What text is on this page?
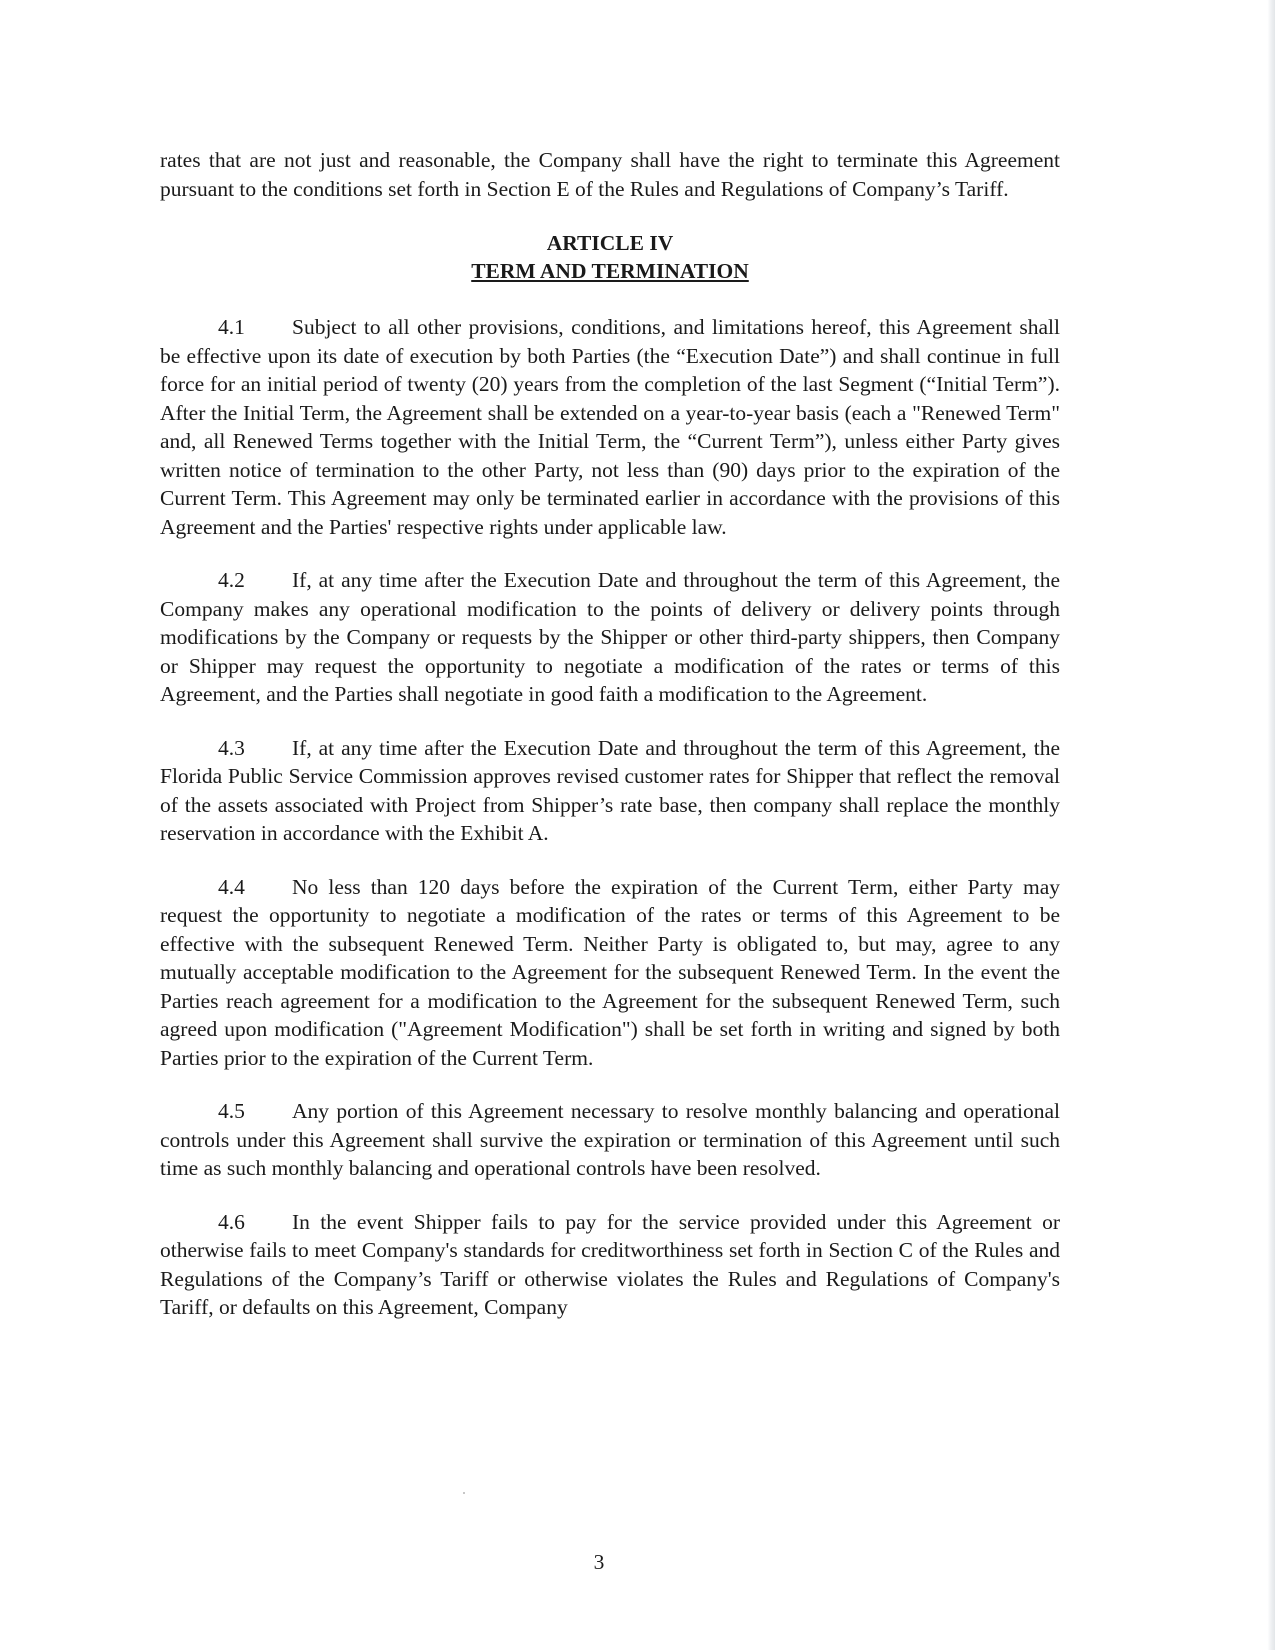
rates that are not just and reasonable, the Company shall have the right to terminate this Agreement pursuant to the conditions set forth in Section E of the Rules and Regulations of Company’s Tariff.

ARTICLE IV
TERM AND TERMINATION

4.1 Subject to all other provisions, conditions, and limitations hereof, this Agreement shall be effective upon its date of execution by both Parties (the “Execution Date”) and shall continue in full force for an initial period of twenty (20) years from the completion of the last Segment (“Initial Term”). After the Initial Term, the Agreement shall be extended on a year-to-year basis (each a "Renewed Term" and, all Renewed Terms together with the Initial Term, the “Current Term”), unless either Party gives written notice of termination to the other Party, not less than (90) days prior to the expiration of the Current Term. This Agreement may only be terminated earlier in accordance with the provisions of this Agreement and the Parties' respective rights under applicable law.

4.2 If, at any time after the Execution Date and throughout the term of this Agreement, the Company makes any operational modification to the points of delivery or delivery points through modifications by the Company or requests by the Shipper or other third-party shippers, then Company or Shipper may request the opportunity to negotiate a modification of the rates or terms of this Agreement, and the Parties shall negotiate in good faith a modification to the Agreement.

4.3 If, at any time after the Execution Date and throughout the term of this Agreement, the Florida Public Service Commission approves revised customer rates for Shipper that reflect the removal of the assets associated with Project from Shipper’s rate base, then company shall replace the monthly reservation in accordance with the Exhibit A.

4.4 No less than 120 days before the expiration of the Current Term, either Party may request the opportunity to negotiate a modification of the rates or terms of this Agreement to be effective with the subsequent Renewed Term. Neither Party is obligated to, but may, agree to any mutually acceptable modification to the Agreement for the subsequent Renewed Term. In the event the Parties reach agreement for a modification to the Agreement for the subsequent Renewed Term, such agreed upon modification ("Agreement Modification") shall be set forth in writing and signed by both Parties prior to the expiration of the Current Term.

4.5 Any portion of this Agreement necessary to resolve monthly balancing and operational controls under this Agreement shall survive the expiration or termination of this Agreement until such time as such monthly balancing and operational controls have been resolved.

4.6 In the event Shipper fails to pay for the service provided under this Agreement or otherwise fails to meet Company's standards for creditworthiness set forth in Section C of the Rules and Regulations of the Company’s Tariff or otherwise violates the Rules and Regulations of Company's Tariff, or defaults on this Agreement, Company

3
